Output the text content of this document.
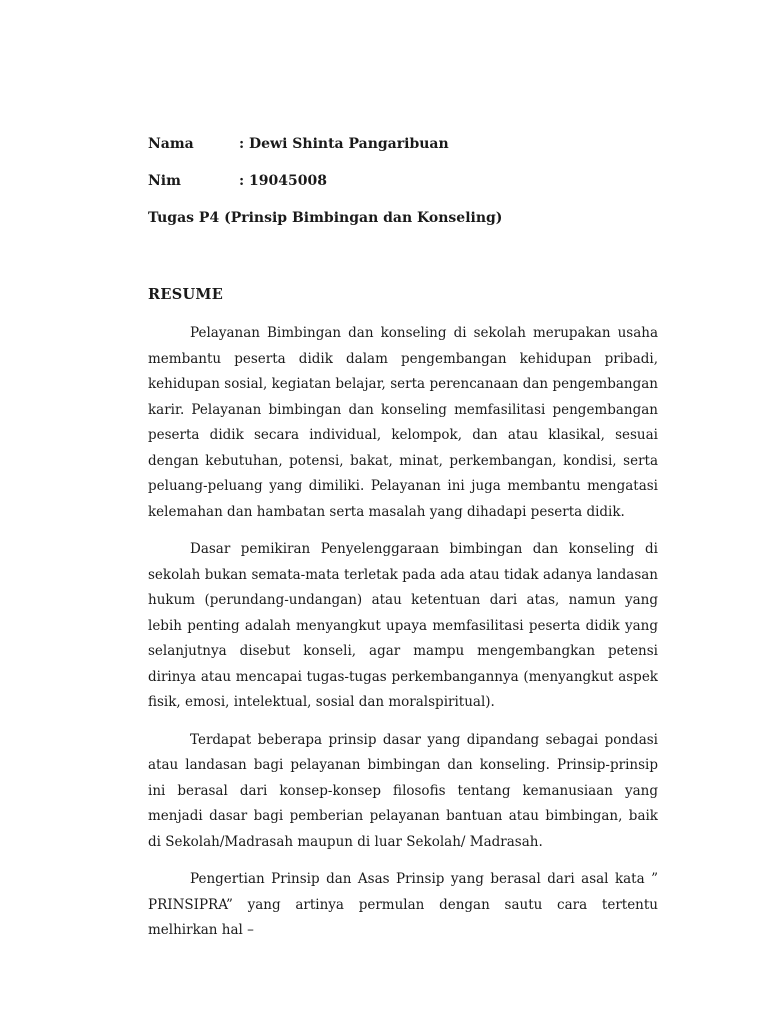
Nama	: Dewi Shinta Pangaribuan
Nim	: 19045008
Tugas P4 (Prinsip Bimbingan dan Konseling)
RESUME

Pelayanan Bimbingan dan konseling di sekolah merupakan usaha membantu peserta didik dalam pengembangan kehidupan pribadi, kehidupan sosial, kegiatan belajar, serta perencanaan dan pengembangan karir. Pelayanan bimbingan dan konseling memfasilitasi pengembangan peserta didik secara individual, kelompok, dan atau klasikal, sesuai dengan kebutuhan, potensi, bakat, minat, perkembangan, kondisi, serta peluang-peluang yang dimiliki. Pelayanan ini juga membantu mengatasi kelemahan dan hambatan serta masalah yang dihadapi peserta didik.

Dasar pemikiran Penyelenggaraan bimbingan dan konseling di sekolah bukan semata-mata terletak pada ada atau tidak adanya landasan hukum (perundang-undangan) atau ketentuan dari atas, namun yang lebih penting adalah menyangkut upaya memfasilitasi peserta didik yang selanjutnya disebut konseli, agar mampu mengembangkan petensi dirinya atau mencapai tugas-tugas perkembangannya (menyangkut aspek fisik, emosi, intelektual, sosial dan moralspiritual).

Terdapat beberapa prinsip dasar yang dipandang sebagai pondasi atau landasan bagi pelayanan bimbingan dan konseling. Prinsip-prinsip ini berasal dari konsep-konsep filosofis tentang kemanusiaan yang menjadi dasar bagi pemberian pelayanan bantuan atau bimbingan, baik di Sekolah/Madrasah maupun di luar Sekolah/ Madrasah.

Pengertian Prinsip dan Asas Prinsip yang berasal dari asal kata ” PRINSIPRA” yang artinya permulan dengan sautu cara tertentu melhirkan hal –
